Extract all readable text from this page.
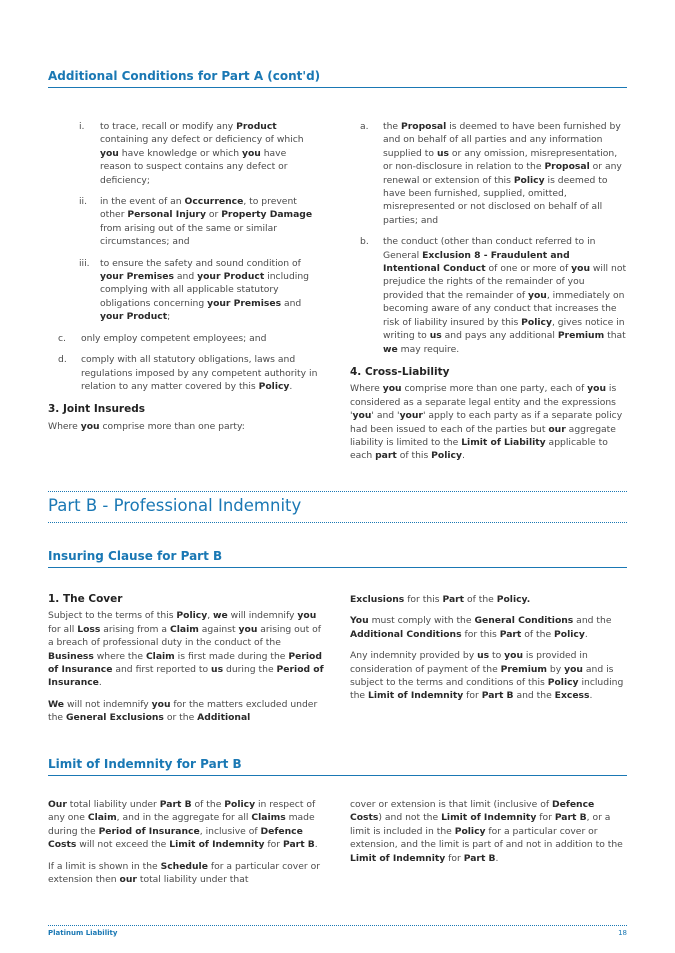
Additional Conditions for Part A (cont'd)
i. to trace, recall or modify any Product containing any defect or deficiency of which you have knowledge or which you have reason to suspect contains any defect or deficiency;
ii. in the event of an Occurrence, to prevent other Personal Injury or Property Damage from arising out of the same or similar circumstances; and
iii. to ensure the safety and sound condition of your Premises and your Product including complying with all applicable statutory obligations concerning your Premises and your Product;
c. only employ competent employees; and
d. comply with all statutory obligations, laws and regulations imposed by any competent authority in relation to any matter covered by this Policy.
3. Joint Insureds

Where you comprise more than one party:

a. the Proposal is deemed to have been furnished by and on behalf of all parties and any information supplied to us or any omission, misrepresentation, or non-disclosure in relation to the Proposal or any renewal or extension of this Policy is deemed to have been furnished, supplied, omitted, misrepresented or not disclosed on behalf of all parties; and
b. the conduct (other than conduct referred to in General Exclusion 8 - Fraudulent and Intentional Conduct of one or more of you will not prejudice the rights of the remainder of you provided that the remainder of you, immediately on becoming aware of any conduct that increases the risk of liability insured by this Policy, gives notice in writing to us and pays any additional Premium that we may require.
4. Cross-Liability

Where you comprise more than one party, each of you is considered as a separate legal entity and the expressions 'you' and 'your' apply to each party as if a separate policy had been issued to each of the parties but our aggregate liability is limited to the Limit of Liability applicable to each part of this Policy.

Part B - Professional Indemnity
Insuring Clause for Part B
1. The Cover

Subject to the terms of this Policy, we will indemnify you for all Loss arising from a Claim against you arising out of a breach of professional duty in the conduct of the Business where the Claim is first made during the Period of Insurance and first reported to us during the Period of Insurance.

We will not indemnify you for the matters excluded under the General Exclusions or the Additional

Exclusions for this Part of the Policy.

You must comply with the General Conditions and the Additional Conditions for this Part of the Policy.

Any indemnity provided by us to you is provided in consideration of payment of the Premium by you and is subject to the terms and conditions of this Policy including the Limit of Indemnity for Part B and the Excess.

Limit of Indemnity for Part B

Our total liability under Part B of the Policy in respect of any one Claim, and in the aggregate for all Claims made during the Period of Insurance, inclusive of Defence Costs will not exceed the Limit of Indemnity for Part B.

If a limit is shown in the Schedule for a particular cover or extension then our total liability under that

cover or extension is that limit (inclusive of Defence Costs) and not the Limit of Indemnity for Part B, or a limit is included in the Policy for a particular cover or extension, and the limit is part of and not in addition to the Limit of Indemnity for Part B.

Platinum Liability	18
